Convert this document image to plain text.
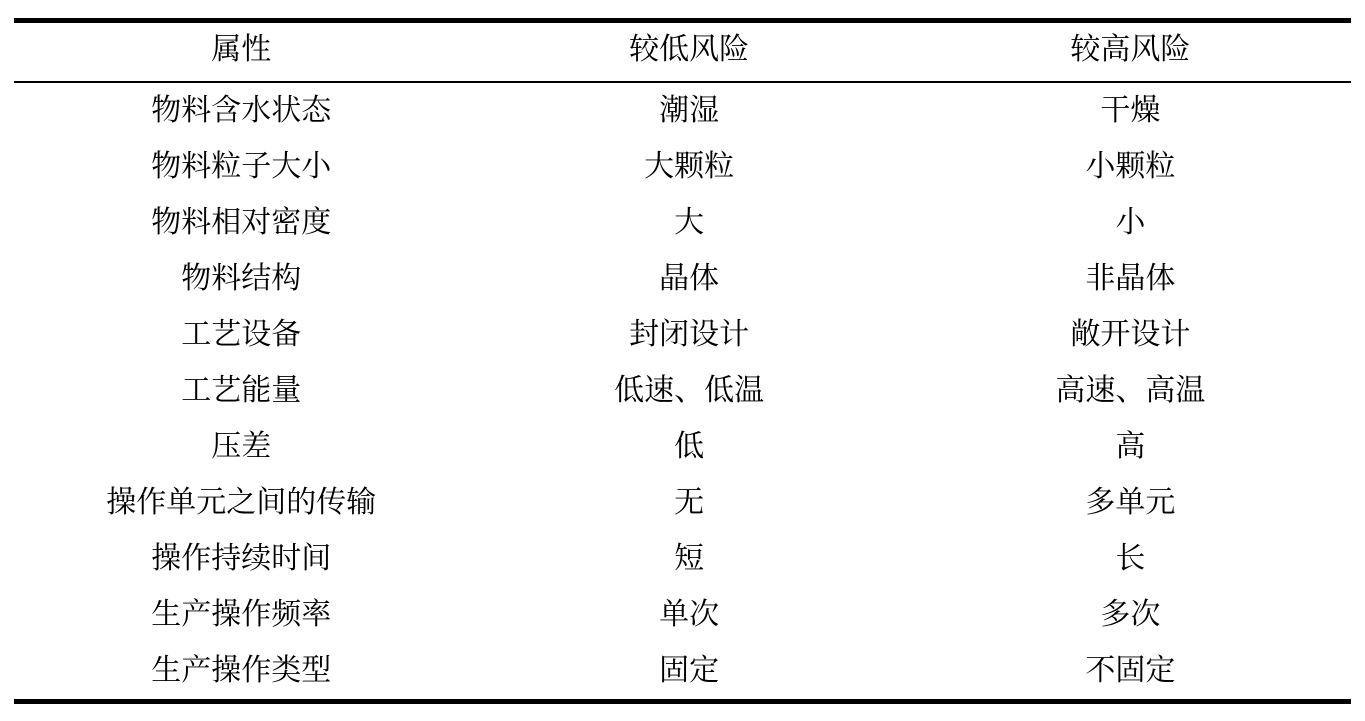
属性	较低风险	较高风险
物料含水状态	潮湿	干燥
物料粒子大小	大颗粒	小颗粒
物料相对密度	大	小
物料结构	晶体	非晶体
工艺设备	封闭设计	敞开设计
工艺能量	低速、低温	高速、高温
压差	低	高
操作单元之间的传输	无	多单元
操作持续时间	短	长
生产操作频率	单次	多次
生产操作类型	固定	不固定
